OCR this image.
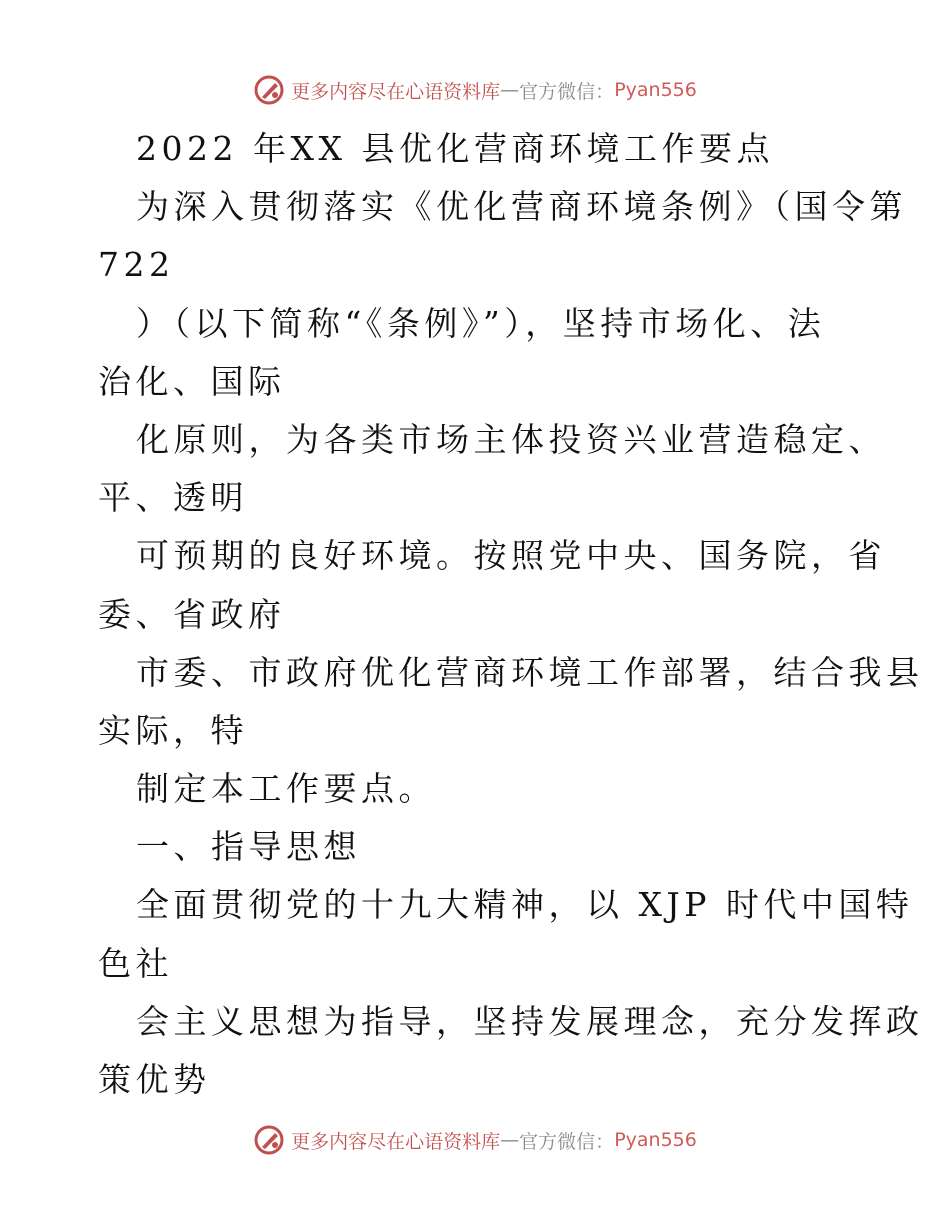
更多内容尽在心语资料库 — 官方微信： Pyan556
2022 年XX 县优化营商环境工作要点
为深入贯彻落实《优化营商环境条例》（国令第
722
）（以下简称“《条例》”），坚持市场化、法
治化、国际
化原则，为各类市场主体投资兴业营造稳定、
平、透明
可预期的良好环境。按照党中央、国务院，省
委、省政府
市委、市政府优化营商环境工作部署，结合我县
实际，特
制定本工作要点。
一、指导思想
全面贯彻党的十九大精神，以 XJP 时代中国特
色社
会主义思想为指导，坚持发展理念，充分发挥政
策优势
更多内容尽在心语资料库 — 官方微信： Pyan556
